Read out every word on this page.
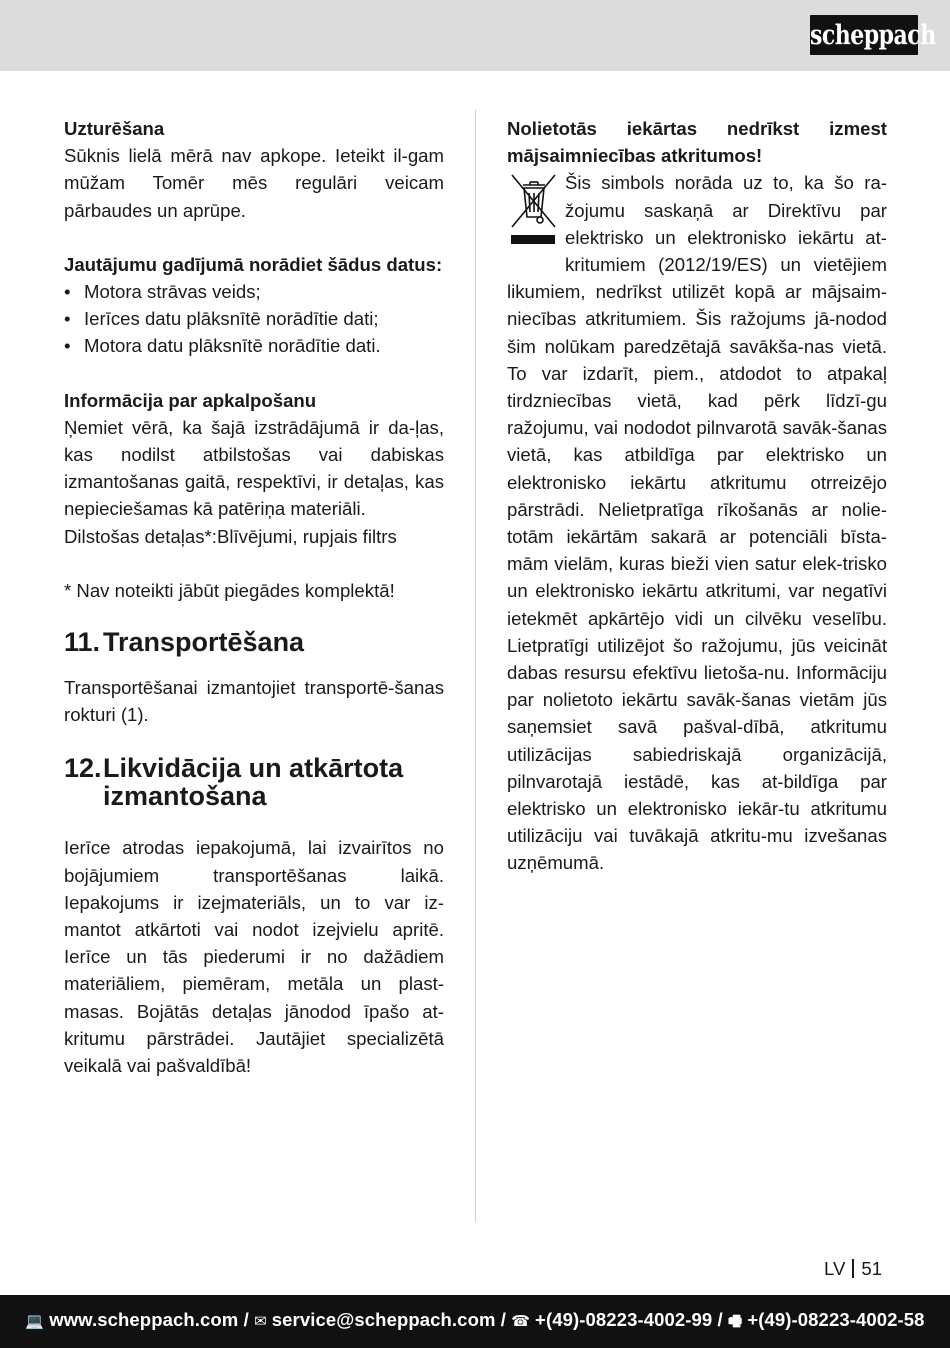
scheppach
Uzturēšana

Sūknis lielā mērā nav apkope. Ieteikt il-gam mūžam Tomēr mēs regulāri veicam pārbaudes un aprūpe.

Jautājumu gadījumā norādiet šādus datus:
• Motora strāvas veids;
• Ierīces datu plāksnītē norādītie dati;
• Motora datu plāksnītē norādītie dati.
Informācija par apkalpošanu

Ņemiet vērā, ka šajā izstrādājumā ir da-ļas, kas nodilst atbilstošas vai dabiskas izmantošanas gaitā, respektīvi, ir detaļas, kas nepieciešamas kā patēriņa materiāli.

Dilstošas detaļas*:Blīvējumi, rupjais filtrs
* Nav noteikti jābūt piegādes komplektā!
11. Transportēšana

Transportēšanai izmantojiet transportē-šanas rokturi (1).

12. Likvidācija un atkārtota izmantošana

Ierīce atrodas iepakojumā, lai izvairītos no bojājumiem transportēšanas laikā. Iepakojums ir izejmateriāls, un to var iz-mantot atkārtoti vai nodot izejvielu apritē. Ierīce un tās piederumi ir no dažādiem materiāliem, piemēram, metāla un plast-masas. Bojātās detaļas jānodod īpašo at-kritumu pārstrādei. Jautājiet specializētā veikalā vai pašvaldībā!

Nolietotās iekārtas nedrīkst izmest mājsaimniecības atkritumos!

Šis simbols norāda uz to, ka šo ra-žojumu saskaņā ar Direktīvu par elektrisko un elektronisko iekārtu at-kritumiem (2012/19/ES) un vietējiem likumiem, nedrīkst utilizēt kopā ar mājsaim-niecības atkritumiem. Šis ražojums jā-nodod šim nolūkam paredzētajā savākša-nas vietā. To var izdarīt, piem., atdodot to atpakaļ tirdzniecības vietā, kad pērk līdzī-gu ražojumu, vai nododot pilnvarotā savāk-šanas vietā, kas atbildīga par elektrisko un elektronisko iekārtu atkritumu otrreizējo pārstrādi. Nelietpratīga rīkošanās ar nolie-totām iekārtām sakarā ar potenciāli bīsta-mām vielām, kuras bieži vien satur elek-trisko un elektronisko iekārtu atkritumi, var negatīvi ietekmēt apkārtējo vidi un cilvēku veselību. Lietpratīgi utilizējot šo ražojumu, jūs veicināt dabas resursu efektīvu lietoša-nu. Informāciju par nolietoto iekārtu savāk-šanas vietām jūs saņemsiet savā pašval-dībā, atkritumu utilizācijas sabiedriskajā organizācijā, pilnvarotajā iestādē, kas at-bildīga par elektrisko un elektronisko iekār-tu atkritumu utilizāciju vai tuvākajā atkritu-mu izvešanas uzņēmumā.

LV 51
💻 www.scheppach.com / ✉ service@scheppach.com / ☎ +(49)-08223-4002-99 / 🖷 +(49)-08223-4002-58
